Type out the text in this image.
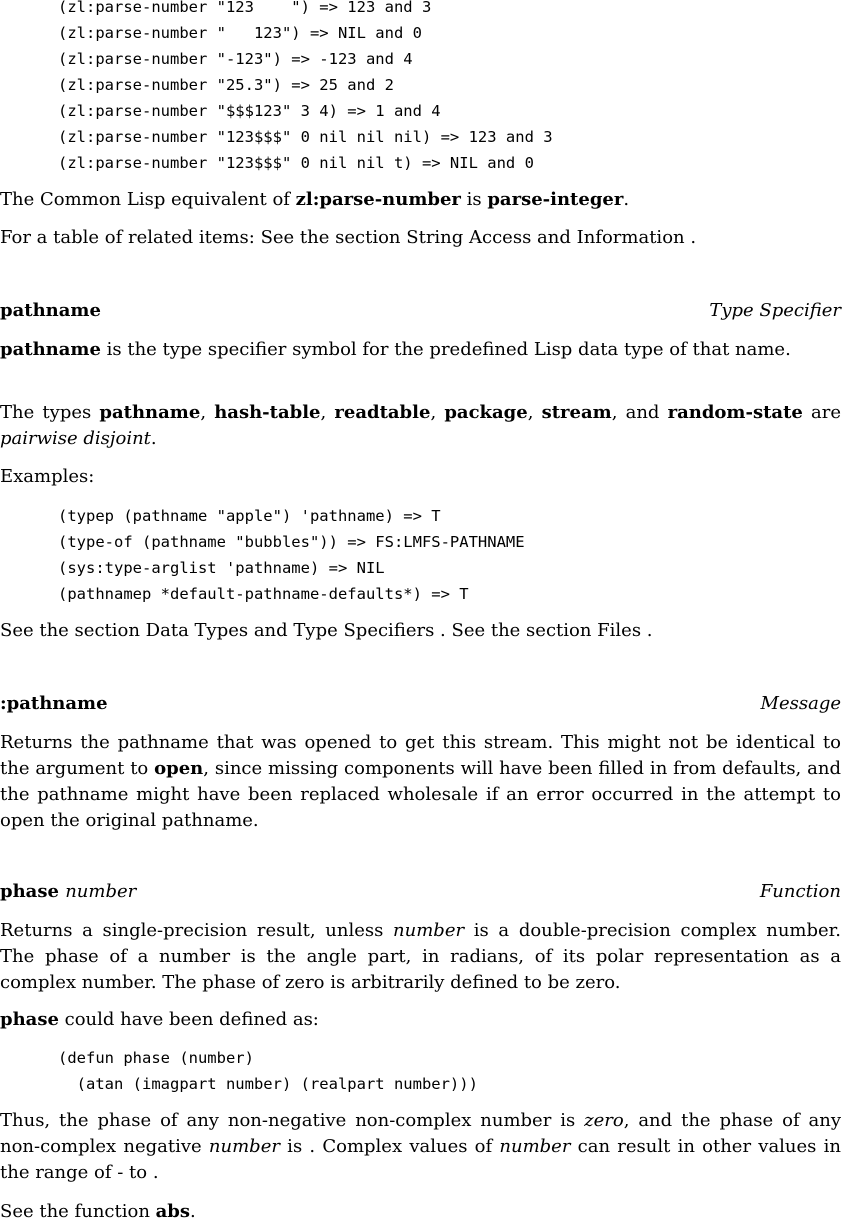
(zl:parse-number "123    ") => 123 and 3
(zl:parse-number "   123") => NIL and 0
(zl:parse-number "-123") => -123 and 4
(zl:parse-number "25.3") => 25 and 2
(zl:parse-number "$$$123" 3 4) => 1 and 4
(zl:parse-number "123$$$" 0 nil nil nil) => 123 and 3
(zl:parse-number "123$$$" 0 nil nil t) => NIL and 0
The Common Lisp equivalent of zl:parse-number is parse-integer.
For a table of related items: See the section String Access and Information .
pathname	Type Specifier

pathname is the type specifier symbol for the predefined Lisp data type of that name.

The types pathname, hash-table, readtable, package, stream, and random-state are pairwise disjoint.

Examples:
(typep (pathname "apple") 'pathname) => T
(type-of (pathname "bubbles")) => FS:LMFS-PATHNAME
(sys:type-arglist 'pathname) => NIL
(pathnamep *default-pathname-defaults*) => T
See the section Data Types and Type Specifiers . See the section Files .
:pathname	Message

Returns the pathname that was opened to get this stream. This might not be identical to the argument to open, since missing components will have been filled in from defaults, and the pathname might have been replaced wholesale if an error occurred in the attempt to open the original pathname.

phase number	Function

Returns a single-precision result, unless number is a double-precision complex number. The phase of a number is the angle part, in radians, of its polar representation as a complex number. The phase of zero is arbitrarily defined to be zero.

phase could have been defined as:
(defun phase (number)
(atan (imagpart number) (realpart number)))

Thus, the phase of any non-negative non-complex number is zero, and the phase of any non-complex negative number is . Complex values of number can result in other values in the range of - to .

See the function abs.
